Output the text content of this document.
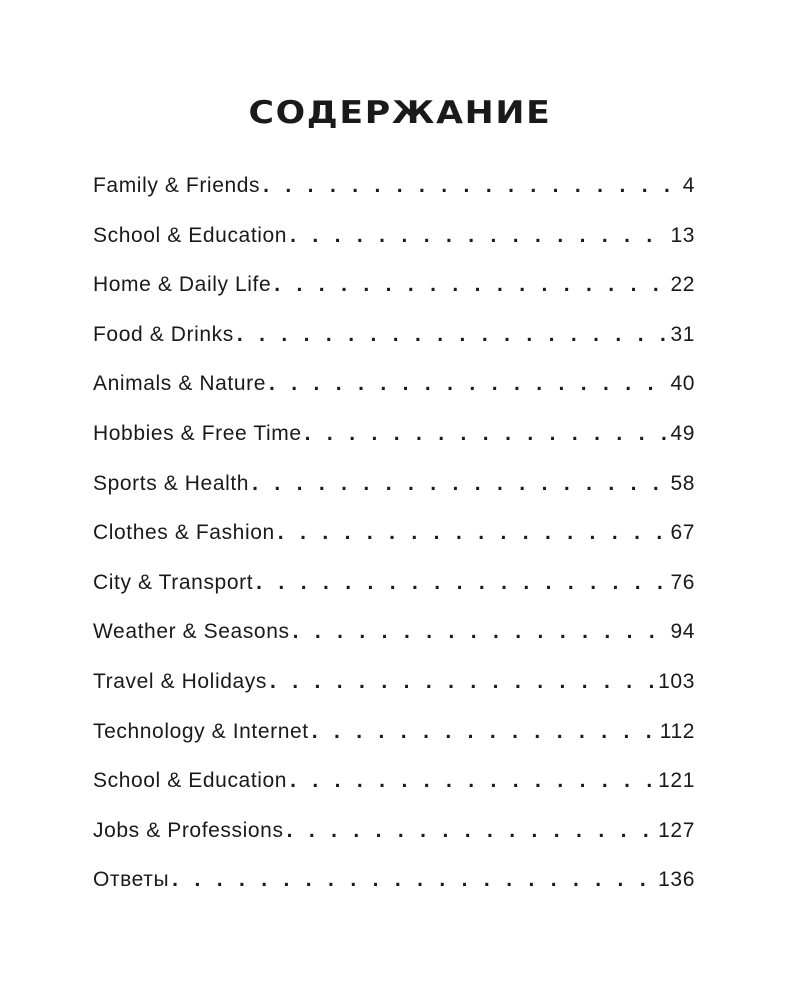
СОДЕРЖАНИЕ
Family & Friends . . .	4
School & Education . . .	13
Home & Daily Life . . .	22
Food & Drinks . . .	31
Animals & Nature . . .	40
Hobbies & Free Time . . .	49
Sports & Health . . .	58
Clothes & Fashion . . .	67
City & Transport . . .	76
Weather & Seasons . . .	94
Travel & Holidays . . .	103
Technology & Internet . . .	112
School & Education . . .	121
Jobs & Professions . . .	127
Ответы . . .	136
